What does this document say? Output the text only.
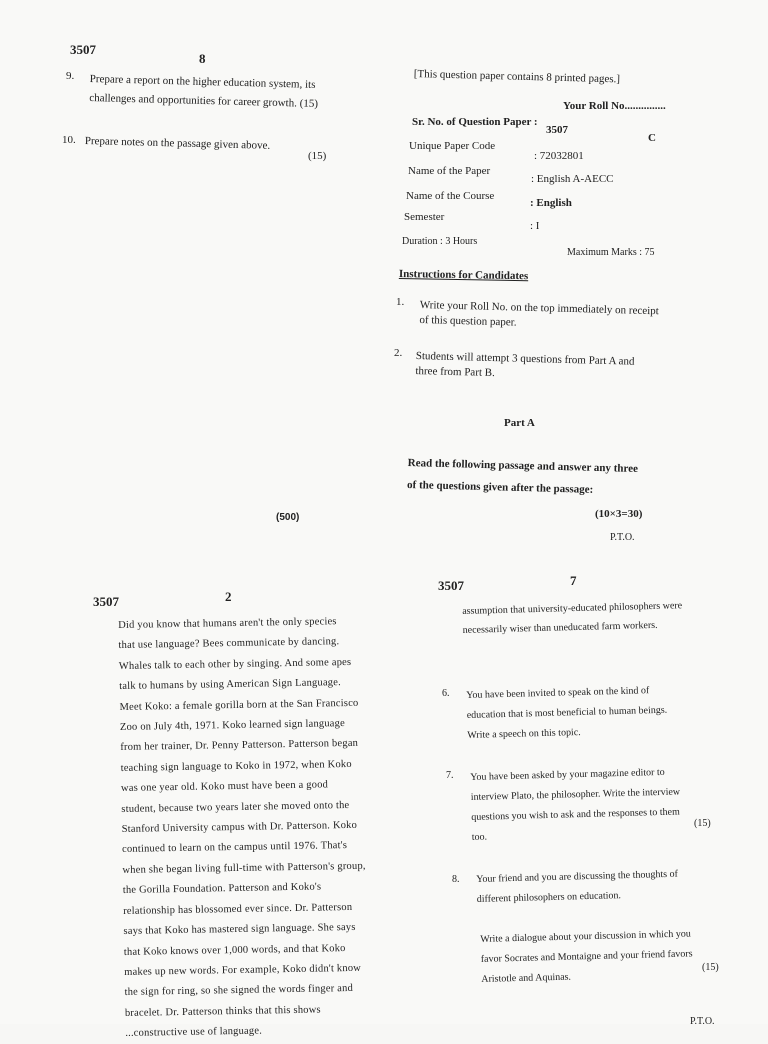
3507
8
9. Prepare a report on the higher education system, its
challenges and opportunities for career growth. (15)
10. Prepare notes on the passage given above.
(15)
(500)
[This question paper contains 8 printed pages.]
Your Roll No...............
Sr. No. of Question Paper :
3507
C
Unique Paper Code
: 72032801
Name of the Paper
: English A-AECC
Name of the Course
: English
Semester
: I
Duration : 3 Hours
Maximum Marks : 75
Instructions for Candidates
1. Write your Roll No. on the top immediately on receipt
of this question paper.
2. Students will attempt 3 questions from Part A and
three from Part B.
Part A
Read the following passage and answer any three
of the questions given after the passage:
(10×3=30)
P.T.O.
3507	2
Did you know that humans aren't the only species
that use language? Bees communicate by dancing.
Whales talk to each other by singing. And some apes
talk to humans by using American Sign Language.
Meet Koko: a female gorilla born at the San Francisco
Zoo on July 4th, 1971. Koko learned sign language
from her trainer, Dr. Penny Patterson. Patterson began
teaching sign language to Koko in 1972, when Koko
was one year old. Koko must have been a good
student, because two years later she moved onto the
Stanford University campus with Dr. Patterson. Koko
continued to learn on the campus until 1976. That's
when she began living full-time with Patterson's group,
the Gorilla Foundation. Patterson and Koko's
relationship has blossomed ever since. Dr. Patterson
says that Koko has mastered sign language. She says
that Koko knows over 1,000 words, and that Koko
makes up new words. For example, Koko didn't know
the sign for ring, so she signed the words finger and
bracelet. Dr. Patterson thinks that this shows
...constructive use of language.
3507	7
assumption that university-educated philosophers were
necessarily wiser than uneducated farm workers.
6. You have been invited to speak on the kind of
education that is most beneficial to human beings.
Write a speech on this topic.
7. You have been asked by your magazine editor to
interview Plato, the philosopher. Write the interview
questions you wish to ask and the responses to them
too.
(15)
8. Your friend and you are discussing the thoughts of
different philosophers on education.
Write a dialogue about your discussion in which you
favor Socrates and Montaigne and your friend favors
Aristotle and Aquinas.
(15)
P.T.O.
